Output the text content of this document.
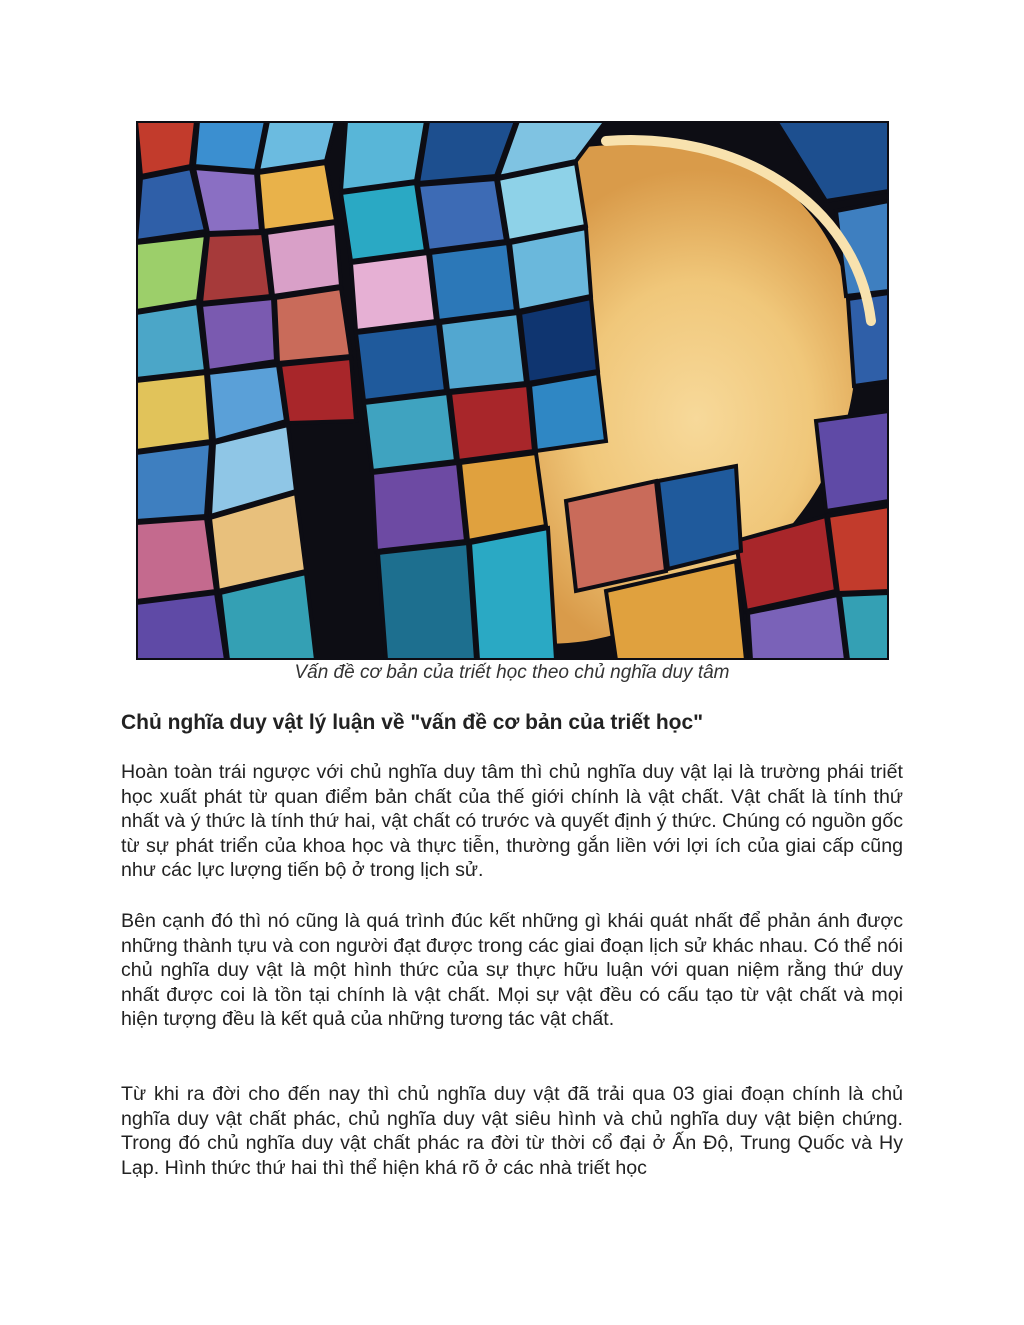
Vấn đề cơ bản của triết học theo chủ nghĩa duy tâm
Chủ nghĩa duy vật lý luận về "vấn đề cơ bản của triết học"

Hoàn toàn trái ngược với chủ nghĩa duy tâm thì chủ nghĩa duy vật lại là trường phái triết học xuất phát từ quan điểm bản chất của thế giới chính là vật chất. Vật chất là tính thứ nhất và ý thức là tính thứ hai, vật chất có trước và quyết định ý thức. Chúng có nguồn gốc từ sự phát triển của khoa học và thực tiễn, thường gắn liền với lợi ích của giai cấp cũng như các lực lượng tiến bộ ở trong lịch sử.

Bên cạnh đó thì nó cũng là quá trình đúc kết những gì khái quát nhất để phản ánh được những thành tựu và con người đạt được trong các giai đoạn lịch sử khác nhau. Có thể nói chủ nghĩa duy vật là một hình thức của sự thực hữu luận với quan niệm rằng thứ duy nhất được coi là tồn tại chính là vật chất. Mọi sự vật đều có cấu tạo từ vật chất và mọi hiện tượng đều là kết quả của những tương tác vật chất.

Từ khi ra đời cho đến nay thì chủ nghĩa duy vật đã trải qua 03 giai đoạn chính là chủ nghĩa duy vật chất phác, chủ nghĩa duy vật siêu hình và chủ nghĩa duy vật biện chứng. Trong đó chủ nghĩa duy vật chất phác ra đời từ thời cổ đại ở Ấn Độ, Trung Quốc và Hy Lạp. Hình thức thứ hai thì thể hiện khá rõ ở các nhà triết học
